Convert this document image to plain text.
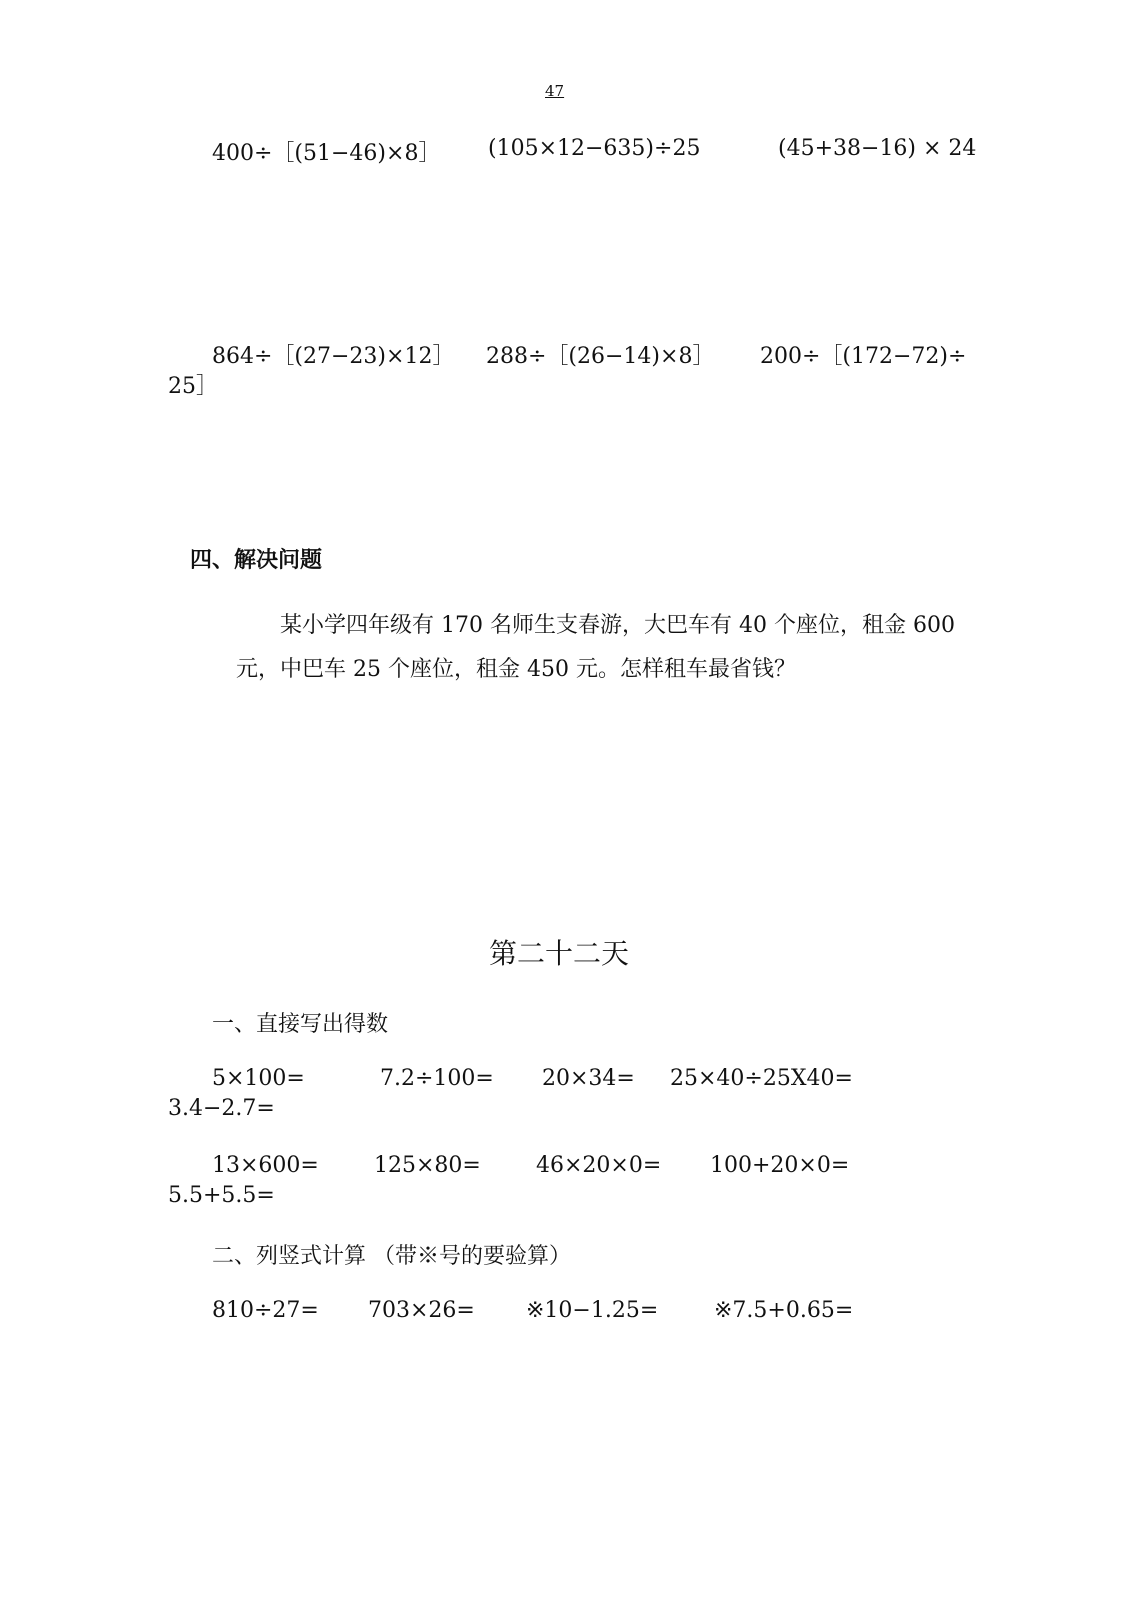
47
400÷［(51−46)×8］ (105×12−635)÷25	(45+38−16) × 24
864÷［(27−23)×12］ 288÷［(26−14)×8］ 200÷［(172−72)÷
25］
四、解决问题
某小学四年级有 170 名师生支春游，大巴车有 40 个座位，租金 600
元，中巴车 25 个座位，租金 450 元。怎样租车最省钱？
第二十二天
一、直接写出得数
5×100=	7.2÷100= 20×34= 25×40÷25X40=
3.4−2.7=
13×600=	125×80=	46×20×0= 100+20×0=
5.5+5.5=
二、列竖式计算 （带※号的要验算）
810÷27= 703×26= ※10−1.25=	※7.5+0.65=
